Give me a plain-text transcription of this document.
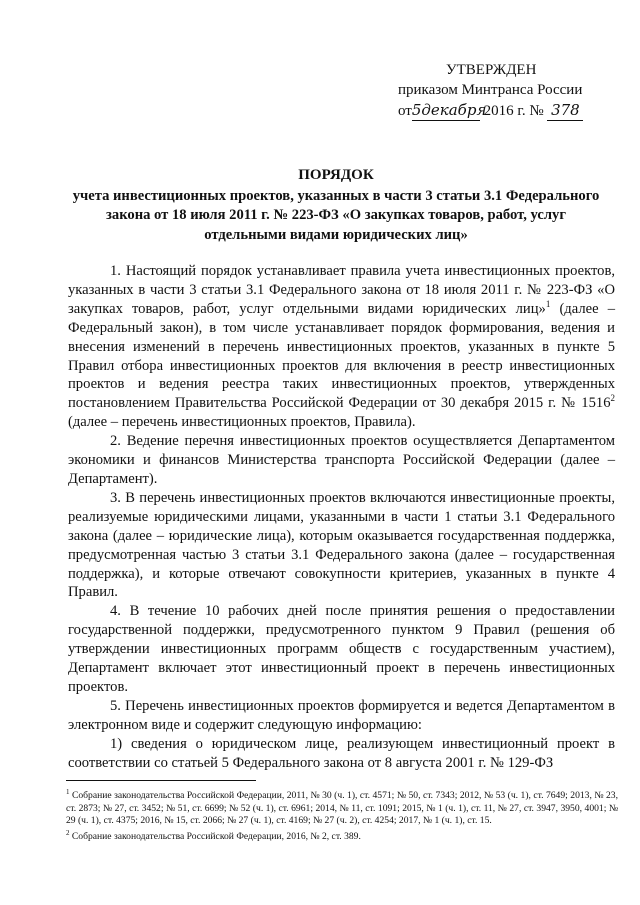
УТВЕРЖДЕН
приказом Минтранса России
от5декабря 2016 г. № 378
ПОРЯДОК
учета инвестиционных проектов, указанных в части 3 статьи 3.1 Федерального закона от 18 июля 2011 г. № 223-ФЗ «О закупках товаров, работ, услуг отдельными видами юридических лиц»

1. Настоящий порядок устанавливает правила учета инвестиционных проектов, указанных в части 3 статьи 3.1 Федерального закона от 18 июля 2011 г. № 223-ФЗ «О закупках товаров, работ, услуг отдельными видами юридических лиц»$^1$ (далее – Федеральный закон), в том числе устанавливает порядок формирования, ведения и внесения изменений в перечень инвестиционных проектов, указанных в пункте 5 Правил отбора инвестиционных проектов для включения в реестр инвестиционных проектов и ведения реестра таких инвестиционных проектов, утвержденных постановлением Правительства Российской Федерации от 30 декабря 2015 г. № 1516$^2$ (далее – перечень инвестиционных проектов, Правила).

2. Ведение перечня инвестиционных проектов осуществляется Департаментом экономики и финансов Министерства транспорта Российской Федерации (далее – Департамент).

3. В перечень инвестиционных проектов включаются инвестиционные проекты, реализуемые юридическими лицами, указанными в части 1 статьи 3.1 Федерального закона (далее – юридические лица), которым оказывается государственная поддержка, предусмотренная частью 3 статьи 3.1 Федерального закона (далее – государственная поддержка), и которые отвечают совокупности критериев, указанных в пункте 4 Правил.

4. В течение 10 рабочих дней после принятия решения о предоставлении государственной поддержки, предусмотренного пунктом 9 Правил (решения об утверждении инвестиционных программ обществ с государственным участием), Департамент включает этот инвестиционный проект в перечень инвестиционных проектов.

5. Перечень инвестиционных проектов формируется и ведется Департаментом в электронном виде и содержит следующую информацию:

1) сведения о юридическом лице, реализующем инвестиционный проект в соответствии со статьей 5 Федерального закона от 8 августа 2001 г. № 129-ФЗ

$^1$ Собрание законодательства Российской Федерации, 2011, № 30 (ч. 1), ст. 4571; № 50, ст. 7343; 2012, № 53 (ч. 1), ст. 7649; 2013, № 23, ст. 2873; № 27, ст. 3452; № 51, ст. 6699; № 52 (ч. 1), ст. 6961; 2014, № 11, ст. 1091; 2015, № 1 (ч. 1), ст. 11, № 27, ст. 3947, 3950, 4001; № 29 (ч. 1), ст. 4375; 2016, № 15, ст. 2066; № 27 (ч. 1), ст. 4169; № 27 (ч. 2), ст. 4254; 2017, № 1 (ч. 1), ст. 15.

$^2$ Собрание законодательства Российской Федерации, 2016, № 2, ст. 389.
